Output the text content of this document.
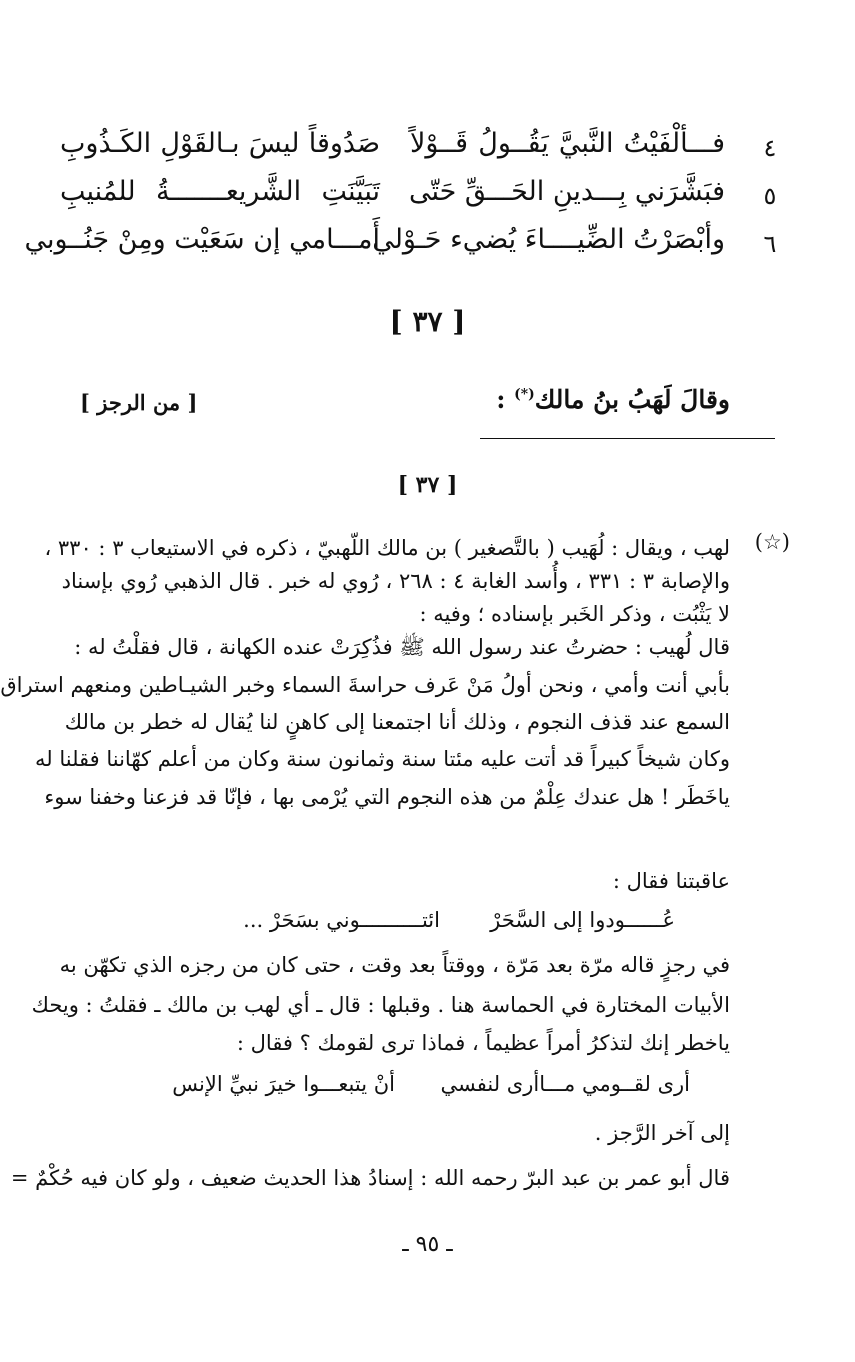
٤
فـــألْفَيْتُ النَّبيَّ يَقُــولُ قَــوْلاً
صَدُوقاً ليسَ بـالقَوْلِ الكَـذُوبِ
٥
فبَشَّرَني بِـــدينِ الحَـــقِّ حَتّى
تَبَيَّنَتِ الشَّريعـــــــةُ للمُنيبِ
٦
وأبْصَرْتُ الضِّيــــاءَ يُضيء حَـوْلي
أَمـــامي إن سَعَيْت ومِنْ جَنُــوبي
[ ٣٧ ]
وقالَ لَهَبُ بنُ مالك(*) :
[ من الرجز ]
[ ٣٧ ]
(☆)
لهب ، ويقال : لُهَيب ( بالتَّصغير ) بن مالك اللّهبيّ ، ذكره في الاستيعاب ٣ : ٣٣٠ ،
والإصابة ٣ : ٣٣١ ، وأُسد الغابة ٤ : ٢٦٨ ، رُوي له خبر . قال الذهبي رُوي بإسناد
لا يَثْبُت ، وذكر الخَبر بإسناده ؛ وفيه :
قال لُهيب : حضرتُ عند رسول الله ﷺ فذُكِرَتْ عنده الكهانة ، قال فقلْتُ له :
بأبي أنت وأمي ، ونحن أولُ مَنْ عَرف حراسةَ السماء وخبر الشيـاطين ومنعهم استراق
السمع عند قذف النجوم ، وذلك أنا اجتمعنا إلى كاهنٍ لنا يُقال له خطر بن مالك
وكان شيخاً كبيراً قد أتت عليه مئتا سنة وثمانون سنة وكان من أعلم كهّاننا فقلنا له
ياخَطَر ! هل عندك عِلْمٌ من هذه النجوم التي يُرْمى بها ، فإنّا قد فزعنا وخفنا سوء
عاقبتنا فقال :
عُــــــودوا إلى السَّحَرْ
ائتــــــــــوني بسَحَرْ ...
في رجزٍ قاله مرّة بعد مَرّة ، ووقتاً بعد وقت ، حتى كان من رجزه الذي تكهّن به
الأبيات المختارة في الحماسة هنا . وقبلها : قال ـ أي لهب بن مالك ـ فقلتُ : ويحك
ياخطر إنك لتذكرُ أمراً عظيماً ، فماذا ترى لقومك ؟ فقال :
أرى لقــومي مـــاأرى لنفسي
أنْ يتبعـــوا خيرَ نبيِّ الإنس
إلى آخر الرَّجز .
قال أبو عمر بن عبد البرّ رحمه الله : إسنادُ هذا الحديث ضعيف ، ولو كان فيه حُكْمٌ =
ـ ٩٥ ـ
